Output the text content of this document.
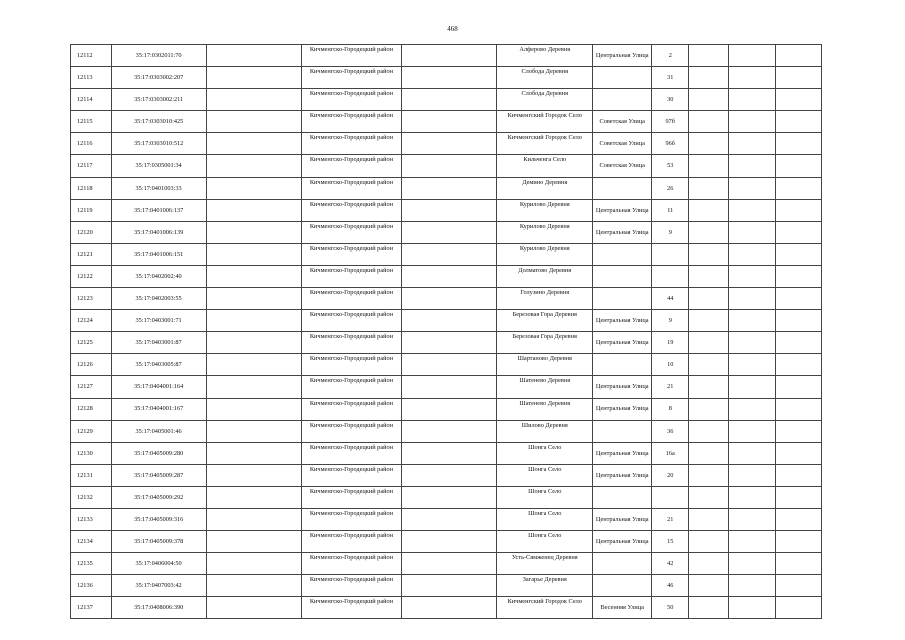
468
12112	35:17:0302011:70		Кичменгско-Городецкий район		Алферово Деревня	Центральная Улица	2			
12113	35:17:0303002:207		Кичменгско-Городецкий район		Слобода Деревня		31			
12114	35:17:0303002:211		Кичменгско-Городецкий район		Слобода Деревня		30			
12115	35:17:0303010:425		Кичменгско-Городецкий район		Кичменгский Городок Село	Советская Улица	97б			
12116	35:17:0303010:512		Кичменгско-Городецкий район		Кичменгский Городок Село	Советская Улица	96б			
12117	35:17:0305001:34		Кичменгско-Городецкий район		Кильченга Село	Советская Улица	53			
12118	35:17:0401003:33		Кичменгско-Городецкий район		Демино Деревня		26			
12119	35:17:0401006:137		Кичменгско-Городецкий район		Курилово Деревня	Центральная Улица	11			
12120	35:17:0401006:139		Кичменгско-Городецкий район		Курилово Деревня	Центральная Улица	9			
12121	35:17:0401006:151		Кичменгско-Городецкий район		Курилово Деревня					
12122	35:17:0402002:40		Кичменгско-Городецкий район		Долматово Деревня					
12123	35:17:0402003:55		Кичменгско-Городецкий район		Голузино Деревня		44			
12124	35:17:0403001:71		Кичменгско-Городецкий район		Березовая Гора Деревня	Центральная Улица	9			
12125	35:17:0403001:87		Кичменгско-Городецкий район		Березовая Гора Деревня	Центральная Улица	19			
12126	35:17:0403005:87		Кичменгско-Городецкий район		Шартаново Деревня		10			
12127	35:17:0404001:164		Кичменгско-Городецкий район		Шатенево Деревня	Центральная Улица	21			
12128	35:17:0404001:167		Кичменгско-Городецкий район		Шатенево Деревня	Центральная Улица	8			
12129	35:17:0405001:46		Кичменгско-Городецкий район		Шилово Деревня		36			
12130	35:17:0405009:280		Кичменгско-Городецкий район		Шонга Село	Центральная Улица	16а			
12131	35:17:0405009:287		Кичменгско-Городецкий район		Шонга Село	Центральная Улица	20			
12132	35:17:0405009:292		Кичменгско-Городецкий район		Шонга Село					
12133	35:17:0405009:316		Кичменгско-Городецкий район		Шонга Село	Центральная Улица	21			
12134	35:17:0405009:378		Кичменгско-Городецкий район		Шонга Село	Центральная Улица	15			
12135	35:17:0406004:50		Кичменгско-Городецкий район		Усть-Сямженец Деревня		42			
12136	35:17:0407003:42		Кичменгско-Городецкий район		Загарье Деревня		46			
12137	35:17:0408006:390		Кичменгско-Городецкий район		Кичменгский Городок Село	Весенняя Улица	50			
